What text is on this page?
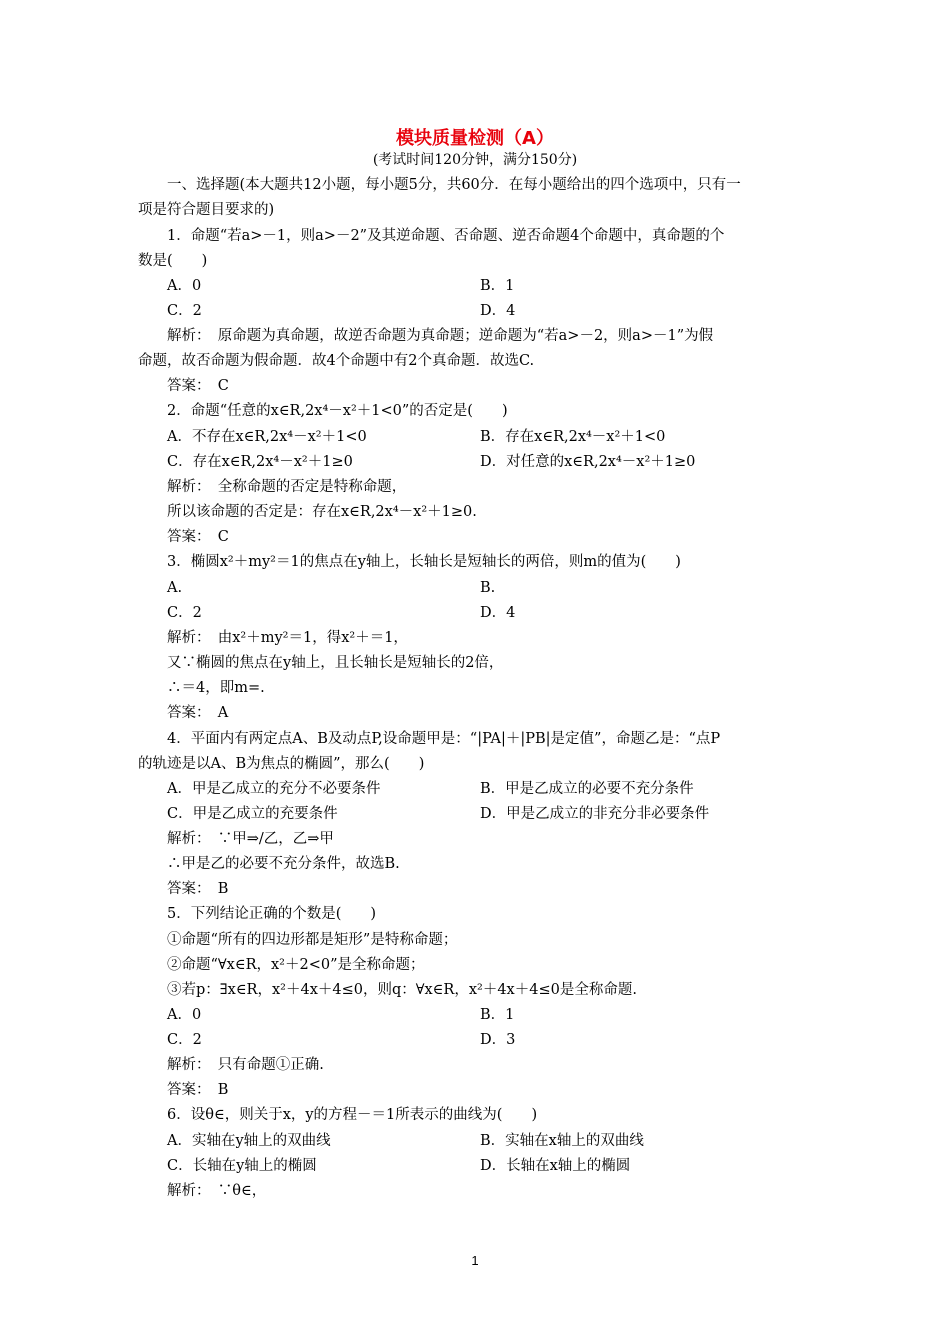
模块质量检测（A）
(考试时间120分钟，满分150分)
一、选择题(本大题共12小题，每小题5分，共60分．在每小题给出的四个选项中，只有一
项是符合题目要求的)
1．命题“若a>－1，则a>－2”及其逆命题、否命题、逆否命题4个命题中，真命题的个
数是(　　)
A．0	B．1
C．2	D．4
解析：　原命题为真命题，故逆否命题为真命题；逆命题为“若a>－2，则a>－1”为假
命题，故否命题为假命题．故4个命题中有2个真命题．故选C.
答案：　C
2．命题“任意的x∈R,2x⁴－x²＋1<0”的否定是(　　)
A．不存在x∈R,2x⁴－x²＋1<0	B．存在x∈R,2x⁴－x²＋1<0
C．存在x∈R,2x⁴－x²＋1≥0	D．对任意的x∈R,2x⁴－x²＋1≥0
解析：　全称命题的否定是特称命题，
所以该命题的否定是：存在x∈R,2x⁴－x²＋1≥0.
答案：　C
3．椭圆x²＋my²＝1的焦点在y轴上，长轴长是短轴长的两倍，则m的值为(　　)
A.	B.
C．2	D．4
解析：　由x²＋my²＝1，得x²＋＝1，
又∵椭圆的焦点在y轴上，且长轴长是短轴长的2倍，
∴＝4，即m=.
答案：　A
4．平面内有两定点A、B及动点P,设命题甲是：“|PA|＋|PB|是定值”，命题乙是：“点P
的轨迹是以A、B为焦点的椭圆”，那么(　　)
A．甲是乙成立的充分不必要条件	B．甲是乙成立的必要不充分条件
C．甲是乙成立的充要条件	D．甲是乙成立的非充分非必要条件
解析：　∵甲⇒/乙，乙⇒甲
∴甲是乙的必要不充分条件，故选B.
答案：　B
5．下列结论正确的个数是(　　)
①命题“所有的四边形都是矩形”是特称命题；
②命题“∀x∈R，x²＋2<0”是全称命题；
③若p：∃x∈R，x²＋4x＋4≤0，则q：∀x∈R，x²＋4x＋4≤0是全称命题.
A．0	B．1
C．2	D．3
解析：　只有命题①正确.
答案：　B
6．设θ∈，则关于x，y的方程－＝1所表示的曲线为(　　)
A．实轴在y轴上的双曲线	B．实轴在x轴上的双曲线
C．长轴在y轴上的椭圆	D．长轴在x轴上的椭圆
解析：　∵θ∈，
1
